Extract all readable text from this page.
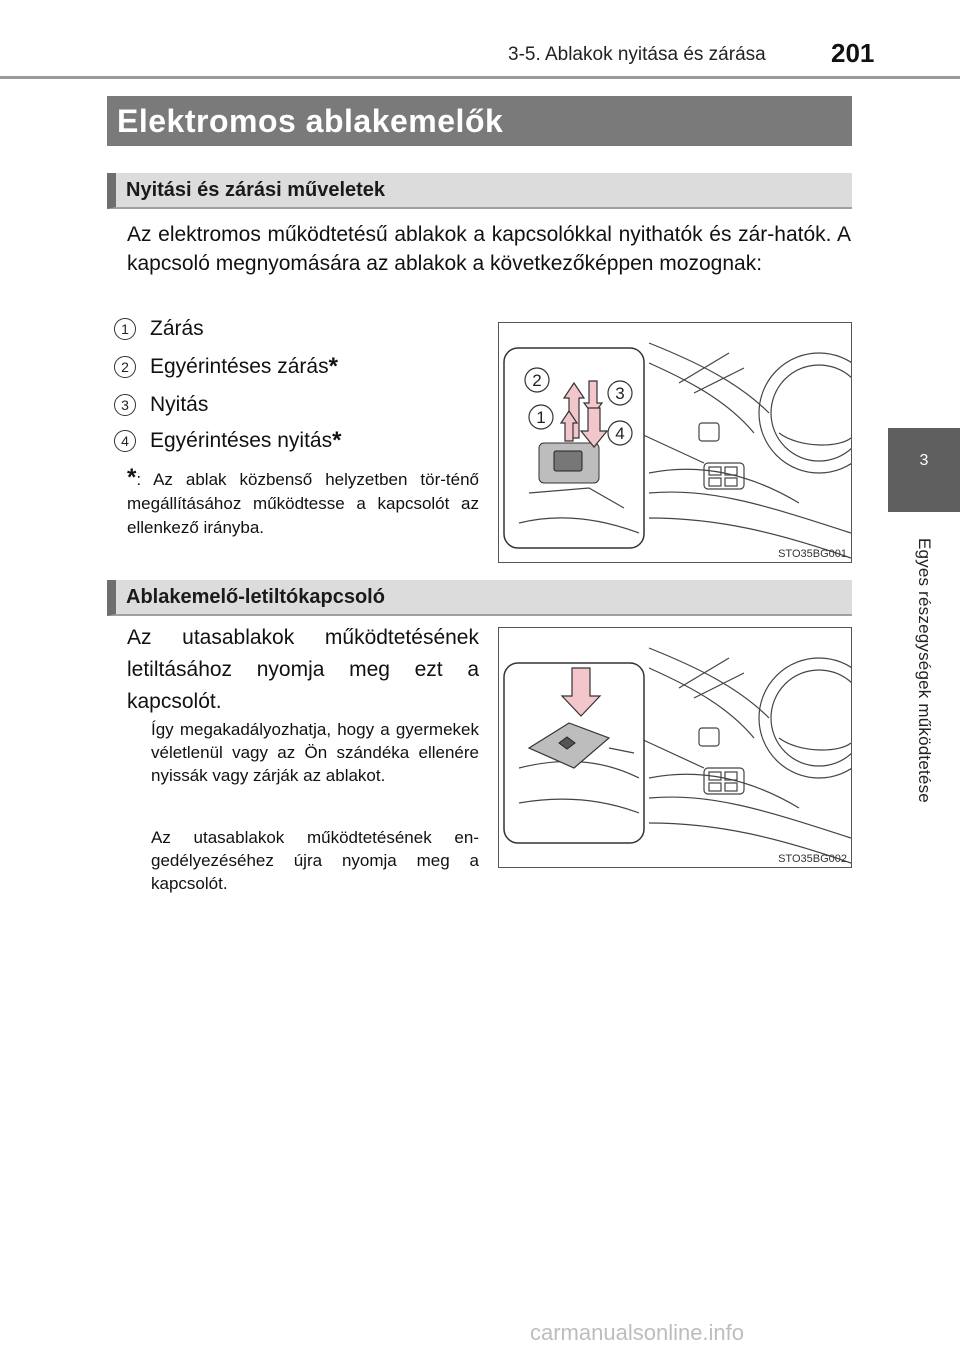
3-5. Ablakok nyitása és zárása	201
3
Egyes részegységek működtetése
Elektromos ablakemelők
Nyitási és zárási műveletek
Az elektromos működtetésű ablakok a kapcsolókkal nyithatók és zár-hatók. A kapcsoló megnyomására az ablakok a következőképpen mozognak:
1	Zárás
2	Egyérintéses zárás *
3	Nyitás
4	Egyérintéses nyitás *
*: Az ablak közbenső helyzetben tör-ténő megállításához működtesse a kapcsolót az ellenkező irányba.
2
3
1
4
STO35BG001
Ablakemelő-letiltókapcsoló
Az utasablakok működtetésének letiltásához nyomja meg ezt a kapcsolót.
Így megakadályozhatja, hogy a gyermekek véletlenül vagy az Ön szándéka ellenére nyissák vagy zárják az ablakot.
Az utasablakok működtetésének en-gedélyezéséhez újra nyomja meg a kapcsolót.
STO35BG002
carmanualsonline.info
